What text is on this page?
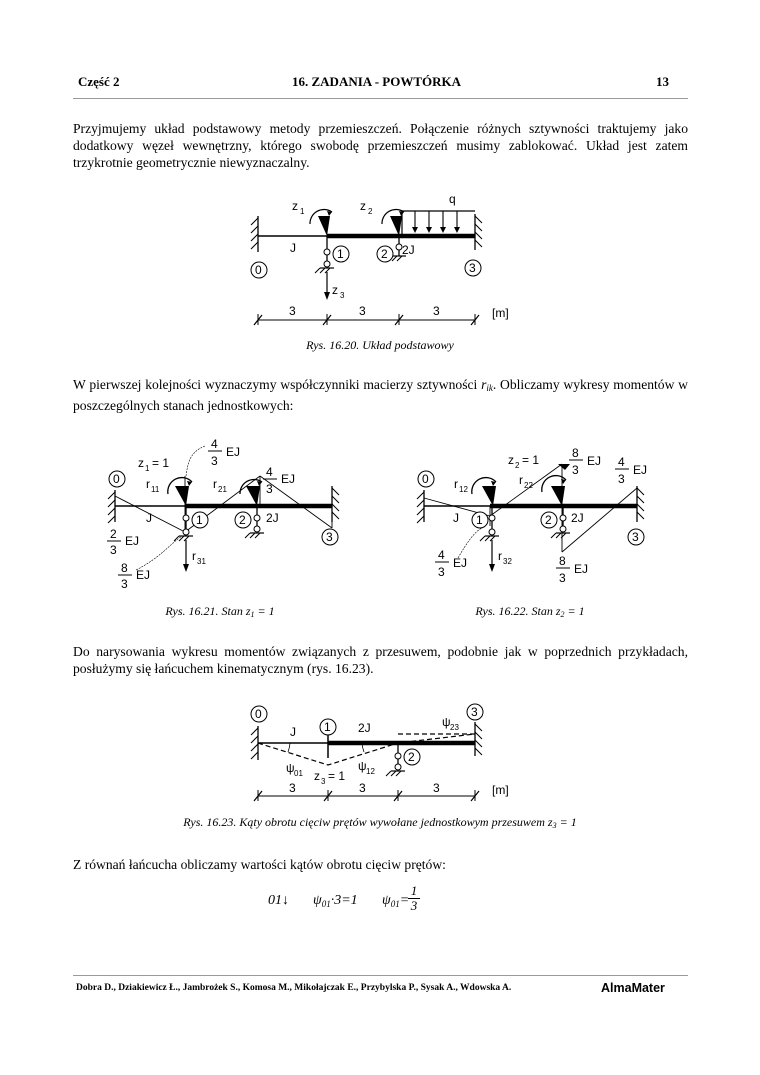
Część 2	16. ZADANIA - POWTÓRKA	13
Przyjmujemy układ podstawowy metody przemieszczeń. Połączenie różnych sztywności traktujemy jako dodatkowy węzeł wewnętrzny, którego swobodę przemieszczeń musimy zablokować. Układ jest zatem trzykrotnie geometrycznie niewyznaczalny.
0
1	2
3
z 1	z 2
q
J	2J
z 3
3	3	3	[m]
Rys. 16.20. Układ podstawowy
W pierwszej kolejności wyznaczymy współczynniki macierzy sztywności rik. Obliczamy wykresy momentów w poszczególnych stanach jednostkowych:
0
1	2
3
z 1 = 1
r 11	r 21
r 31
J	2J
4
3
EJ
4
3
EJ
2
3
EJ
8
3
EJ
Rys. 16.21. Stan z1 = 1
0
1	2
3
z 2 = 1
r 12
r 22
r 32
J	2J
8
3
EJ 4
3
EJ
4
3
EJ	8
3
EJ
Rys. 16.22. Stan z2 = 1
Do narysowania wykresu momentów związanych z przesuwem, podobnie jak w poprzednich przykładach, posłużymy się łańcuchem kinematycznym (rys. 16.23).
0
1
2
3
J	2J
ψ 01
ψ 12
ψ 23
z 3 = 1
3	3	3	[m]
Rys. 16.23. Kąty obrotu cięciw prętów wywołane jednostkowym przesuwem z3 = 1
Z równań łańcucha obliczamy wartości kątów obrotu cięciw prętów:
01↓ $\psi_{01}\cdot 3=1$ $\psi_{01}=$
$\frac{1}{3}$
Dobra D., Dziakiewicz Ł., Jambrożek S., Komosa M., Mikołajczak E., Przybylska P., Sysak A., Wdowska A.	AlmaMater
